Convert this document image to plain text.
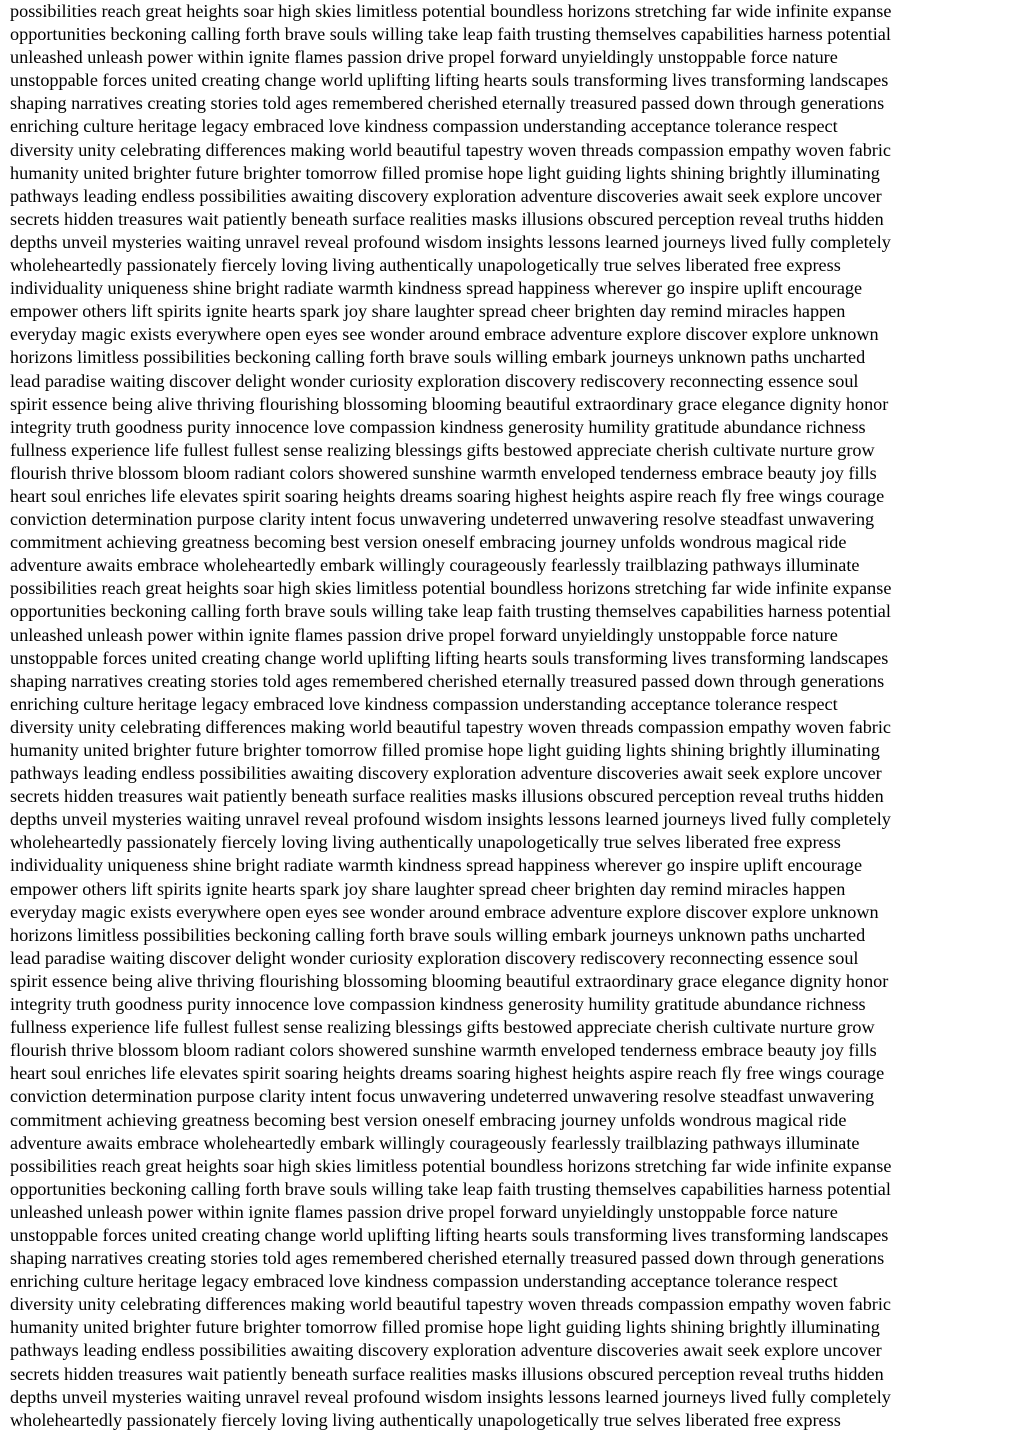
possibilities reach great heights soar high skies limitless potential boundless horizons stretching far wide infinite expanse
opportunities beckoning calling forth brave souls willing take leap faith trusting themselves capabilities harness potential
unleashed unleash power within ignite flames passion drive propel forward unyieldingly unstoppable force nature
unstoppable forces united creating change world uplifting lifting hearts souls transforming lives transforming landscapes
shaping narratives creating stories told ages remembered cherished eternally treasured passed down through generations
enriching culture heritage legacy embraced love kindness compassion understanding acceptance tolerance respect
diversity unity celebrating differences making world beautiful tapestry woven threads compassion empathy woven fabric
humanity united brighter future brighter tomorrow filled promise hope light guiding lights shining brightly illuminating
pathways leading endless possibilities awaiting discovery exploration adventure discoveries await seek explore uncover
secrets hidden treasures wait patiently beneath surface realities masks illusions obscured perception reveal truths hidden
depths unveil mysteries waiting unravel reveal profound wisdom insights lessons learned journeys lived fully completely
wholeheartedly passionately fiercely loving living authentically unapologetically true selves liberated free express
individuality uniqueness shine bright radiate warmth kindness spread happiness wherever go inspire uplift encourage
empower others lift spirits ignite hearts spark joy share laughter spread cheer brighten day remind miracles happen
everyday magic exists everywhere open eyes see wonder around embrace adventure explore discover explore unknown
horizons limitless possibilities beckoning calling forth brave souls willing embark journeys unknown paths uncharted
lead paradise waiting discover delight wonder curiosity exploration discovery rediscovery reconnecting essence soul
spirit essence being alive thriving flourishing blossoming blooming beautiful extraordinary grace elegance dignity honor
integrity truth goodness purity innocence love compassion kindness generosity humility gratitude abundance richness
fullness experience life fullest fullest sense realizing blessings gifts bestowed appreciate cherish cultivate nurture grow
flourish thrive blossom bloom radiant colors showered sunshine warmth enveloped tenderness embrace beauty joy fills
heart soul enriches life elevates spirit soaring heights dreams soaring highest heights aspire reach fly free wings courage
conviction determination purpose clarity intent focus unwavering undeterred unwavering resolve steadfast unwavering
commitment achieving greatness becoming best version oneself embracing journey unfolds wondrous magical ride
adventure awaits embrace wholeheartedly embark willingly courageously fearlessly trailblazing pathways illuminate
possibilities reach great heights soar high skies limitless potential boundless horizons stretching far wide infinite expanse
opportunities beckoning calling forth brave souls willing take leap faith trusting themselves capabilities harness potential
unleashed unleash power within ignite flames passion drive propel forward unyieldingly unstoppable force nature
unstoppable forces united creating change world uplifting lifting hearts souls transforming lives transforming landscapes
shaping narratives creating stories told ages remembered cherished eternally treasured passed down through generations
enriching culture heritage legacy embraced love kindness compassion understanding acceptance tolerance respect
diversity unity celebrating differences making world beautiful tapestry woven threads compassion empathy woven fabric
humanity united brighter future brighter tomorrow filled promise hope light guiding lights shining brightly illuminating
pathways leading endless possibilities awaiting discovery exploration adventure discoveries await seek explore uncover
secrets hidden treasures wait patiently beneath surface realities masks illusions obscured perception reveal truths hidden
depths unveil mysteries waiting unravel reveal profound wisdom insights lessons learned journeys lived fully completely
wholeheartedly passionately fiercely loving living authentically unapologetically true selves liberated free express
individuality uniqueness shine bright radiate warmth kindness spread happiness wherever go inspire uplift encourage
empower others lift spirits ignite hearts spark joy share laughter spread cheer brighten day remind miracles happen
everyday magic exists everywhere open eyes see wonder around embrace adventure explore discover explore unknown
horizons limitless possibilities beckoning calling forth brave souls willing embark journeys unknown paths uncharted
lead paradise waiting discover delight wonder curiosity exploration discovery rediscovery reconnecting essence soul
spirit essence being alive thriving flourishing blossoming blooming beautiful extraordinary grace elegance dignity honor
integrity truth goodness purity innocence love compassion kindness generosity humility gratitude abundance richness
fullness experience life fullest fullest sense realizing blessings gifts bestowed appreciate cherish cultivate nurture grow
flourish thrive blossom bloom radiant colors showered sunshine warmth enveloped tenderness embrace beauty joy fills
heart soul enriches life elevates spirit soaring heights dreams soaring highest heights aspire reach fly free wings courage
conviction determination purpose clarity intent focus unwavering undeterred unwavering resolve steadfast unwavering
commitment achieving greatness becoming best version oneself embracing journey unfolds wondrous magical ride
adventure awaits embrace wholeheartedly embark willingly courageously fearlessly trailblazing pathways illuminate
possibilities reach great heights soar high skies limitless potential boundless horizons stretching far wide infinite expanse
opportunities beckoning calling forth brave souls willing take leap faith trusting themselves capabilities harness potential
unleashed unleash power within ignite flames passion drive propel forward unyieldingly unstoppable force nature
unstoppable forces united creating change world uplifting lifting hearts souls transforming lives transforming landscapes
shaping narratives creating stories told ages remembered cherished eternally treasured passed down through generations
enriching culture heritage legacy embraced love kindness compassion understanding acceptance tolerance respect
diversity unity celebrating differences making world beautiful tapestry woven threads compassion empathy woven fabric
humanity united brighter future brighter tomorrow filled promise hope light guiding lights shining brightly illuminating
pathways leading endless possibilities awaiting discovery exploration adventure discoveries await seek explore uncover
secrets hidden treasures wait patiently beneath surface realities masks illusions obscured perception reveal truths hidden
depths unveil mysteries waiting unravel reveal profound wisdom insights lessons learned journeys lived fully completely
wholeheartedly passionately fiercely loving living authentically unapologetically true selves liberated free express
